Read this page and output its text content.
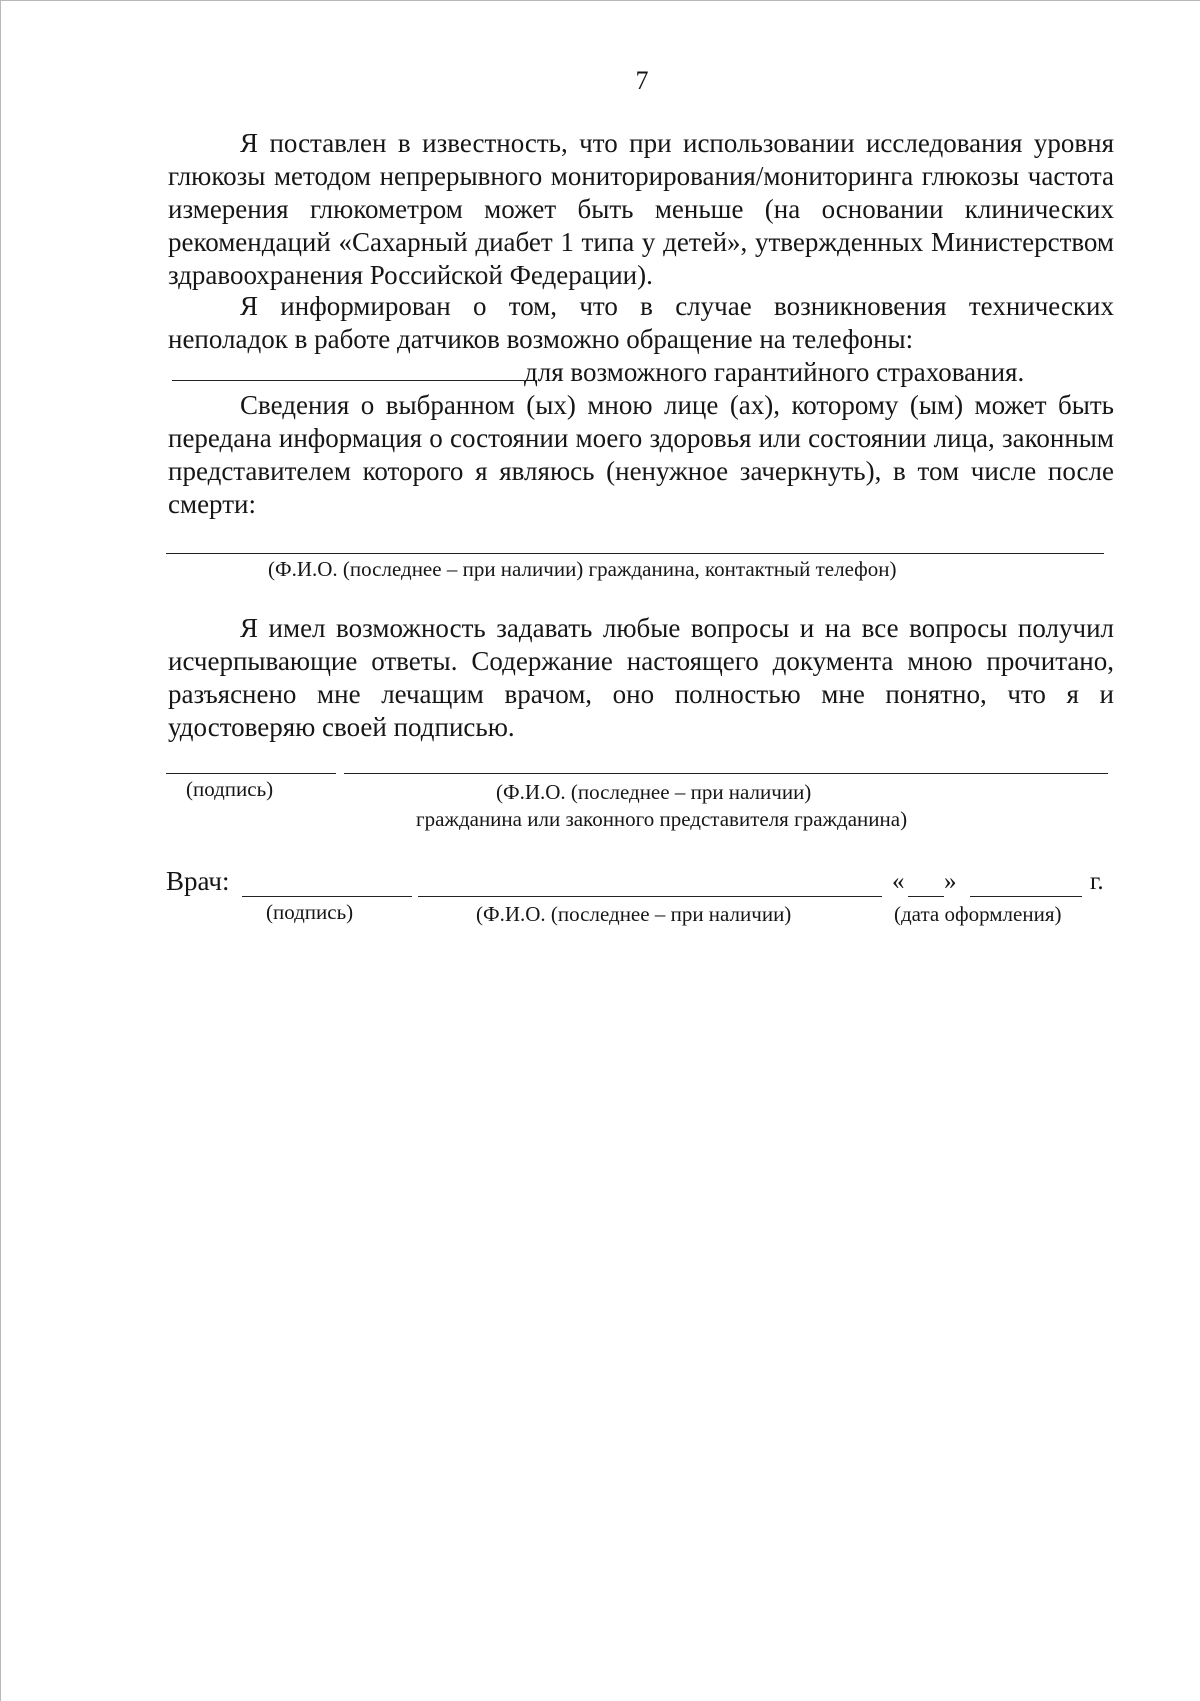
7
Я поставлен в известность, что при использовании исследования уровня глюкозы методом непрерывного мониторирования/мониторинга глюкозы частота измерения глюкометром может быть меньше (на основании клинических рекомендаций «Сахарный диабет 1 типа у детей», утвержденных Министерством здравоохранения Российской Федерации).
Я информирован о том, что в случае возникновения технических неполадок в работе датчиков возможно обращение на телефоны:
для возможного гарантийного страхования.
Сведения о выбранном (ых) мною лице (ах), которому (ым) может быть передана информация о состоянии моего здоровья или состоянии лица, законным представителем которого я являюсь (ненужное зачеркнуть), в том числе после смерти:
(Ф.И.О. (последнее – при наличии) гражданина, контактный телефон)
Я имел возможность задавать любые вопросы и на все вопросы получил исчерпывающие ответы. Содержание настоящего документа мною прочитано, разъяснено мне лечащим врачом, оно полностью мне понятно, что я и удостоверяю своей подписью.
(подпись)	(Ф.И.О. (последнее – при наличии)
гражданина или законного представителя гражданина)
Врач:	« »	г.
(подпись)	(Ф.И.О. (последнее – при наличии)	(дата оформления)
